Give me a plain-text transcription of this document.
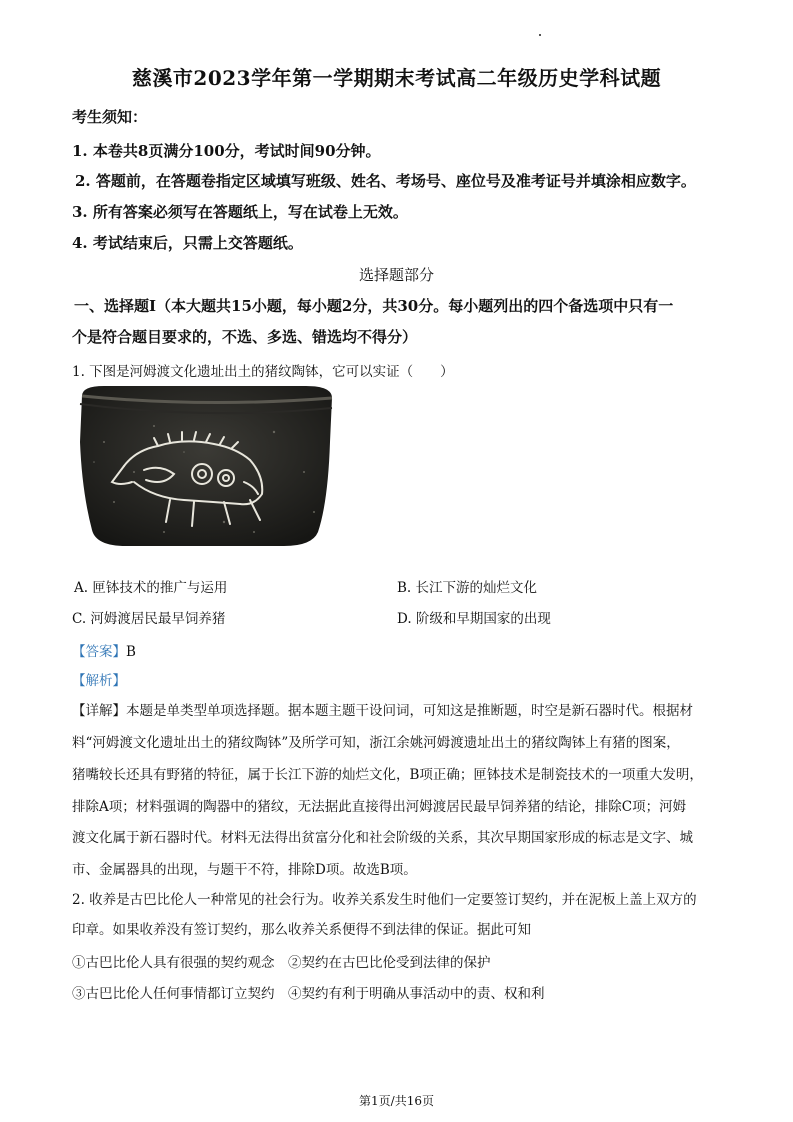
慈溪市2023学年第一学期期末考试高二年级历史学科试题
考生须知：
1. 本卷共8页满分100分，考试时间90分钟。
2. 答题前，在答题卷指定区域填写班级、姓名、考场号、座位号及准考证号并填涂相应数字。
3. 所有答案必须写在答题纸上，写在试卷上无效。
4. 考试结束后，只需上交答题纸。
选择题部分
一、选择题Ⅰ（本大题共15小题，每小题2分，共30分。每小题列出的四个备选项中只有一
个是符合题目要求的，不选、多选、错选均不得分）
1. 下图是河姆渡文化遗址出土的猪纹陶钵，它可以实证（　　）
A. 匣钵技术的推广与运用	B. 长江下游的灿烂文化
C. 河姆渡居民最早饲养猪	D. 阶级和早期国家的出现
【答案】B
【解析】
【详解】本题是单类型单项选择题。据本题主题干设问词，可知这是推断题，时空是新石器时代。根据材
料“河姆渡文化遗址出土的猪纹陶钵”及所学可知，浙江余姚河姆渡遗址出土的猪纹陶钵上有猪的图案，
猪嘴较长还具有野猪的特征，属于长江下游的灿烂文化，B项正确；匣钵技术是制瓷技术的一项重大发明，
排除A项；材料强调的陶器中的猪纹，无法据此直接得出河姆渡居民最早饲养猪的结论，排除C项；河姆
渡文化属于新石器时代。材料无法得出贫富分化和社会阶级的关系，其次早期国家形成的标志是文字、城
市、金属器具的出现，与题干不符，排除D项。故选B项。
2. 收养是古巴比伦人一种常见的社会行为。收养关系发生时他们一定要签订契约，并在泥板上盖上双方的
印章。如果收养没有签订契约，那么收养关系便得不到法律的保证。据此可知
①古巴比伦人具有很强的契约观念　②契约在古巴比伦受到法律的保护
③古巴比伦人任何事情都订立契约　④契约有利于明确从事活动中的责、权和利
第1页/共16页
